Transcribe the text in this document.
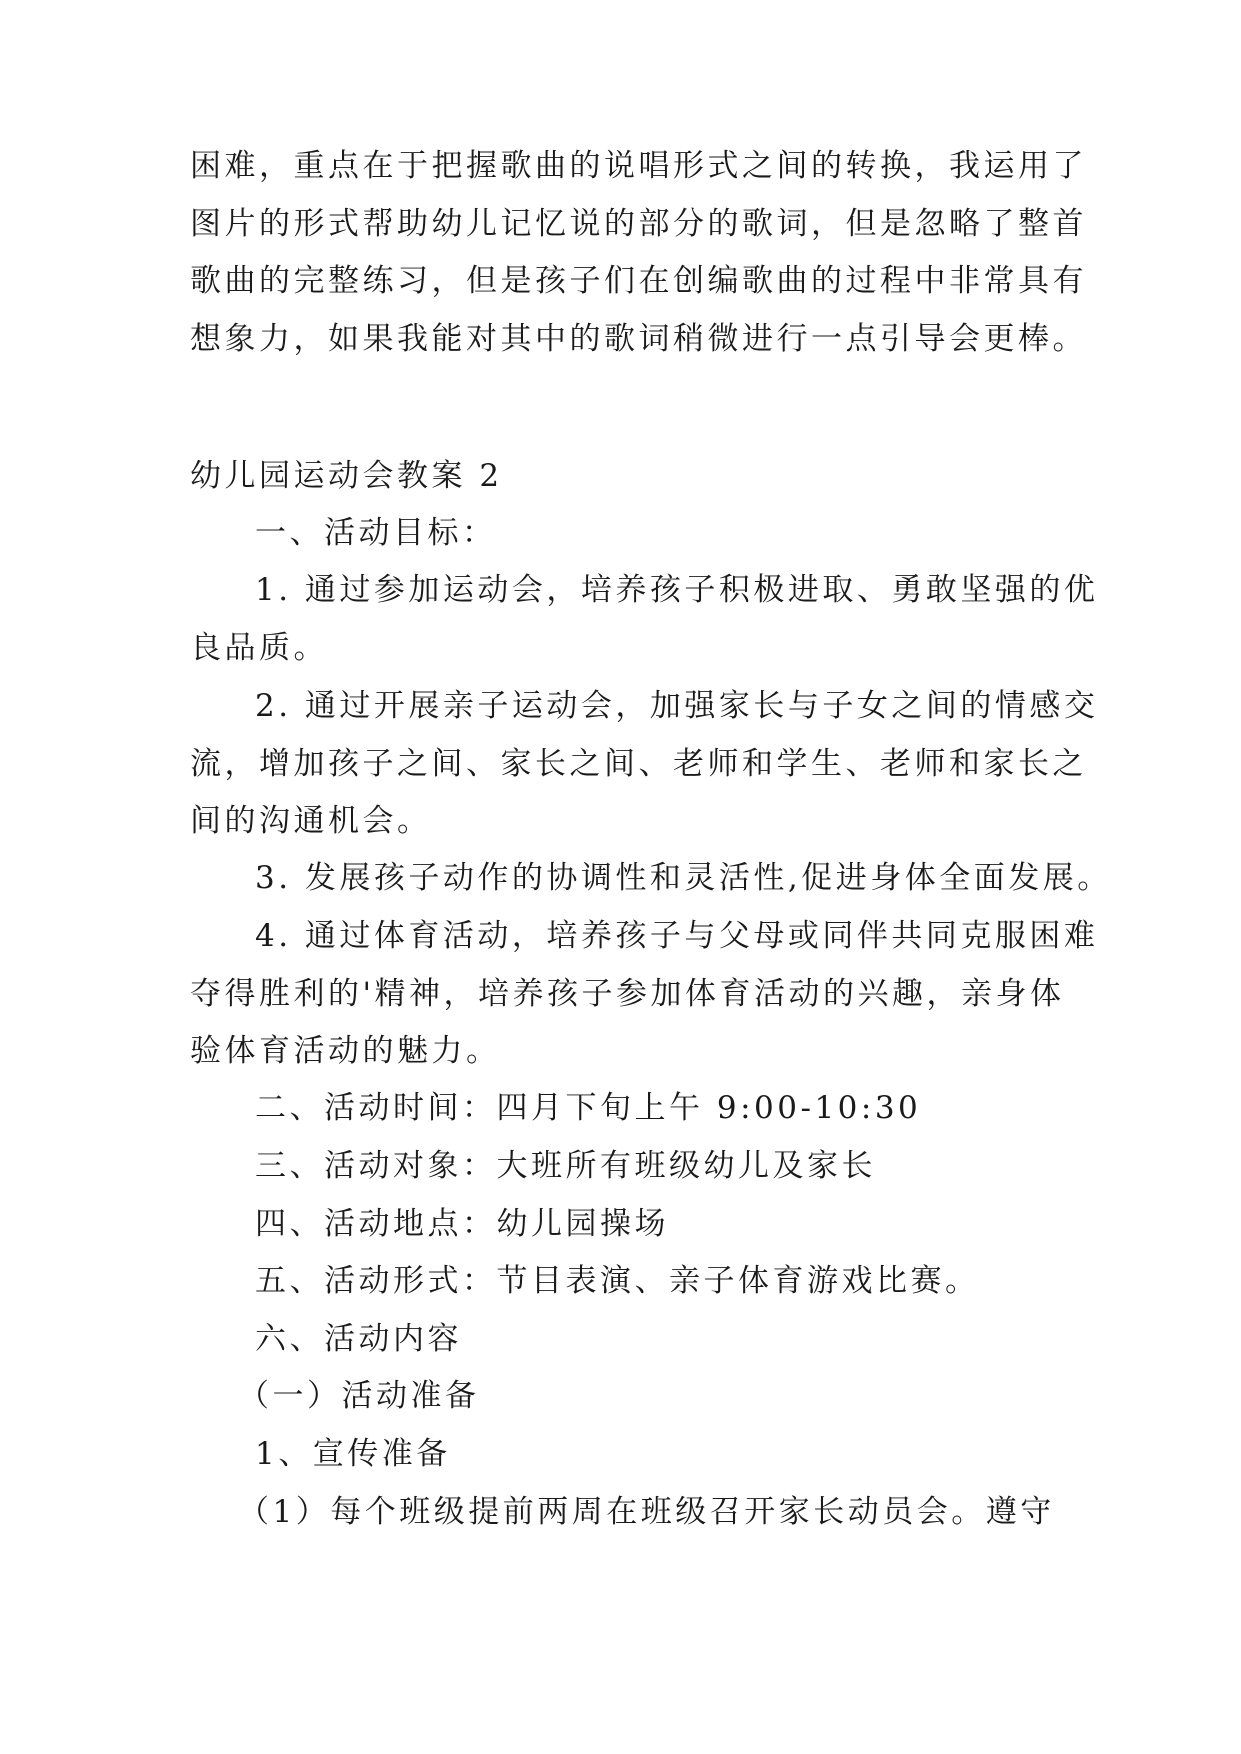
困难，重点在于把握歌曲的说唱形式之间的转换，我运用了
图片的形式帮助幼儿记忆说的部分的歌词，但是忽略了整首
歌曲的完整练习，但是孩子们在创编歌曲的过程中非常具有
想象力，如果我能对其中的歌词稍微进行一点引导会更棒。
幼儿园运动会教案 2
一、活动目标：
1. 通过参加运动会，培养孩子积极进取、勇敢坚强的优
良品质。
2. 通过开展亲子运动会，加强家长与子女之间的情感交
流，增加孩子之间、家长之间、老师和学生、老师和家长之
间的沟通机会。
3. 发展孩子动作的协调性和灵活性,促进身体全面发展。
4. 通过体育活动，培养孩子与父母或同伴共同克服困难
夺得胜利的'精神，培养孩子参加体育活动的兴趣，亲身体
验体育活动的魅力。
二、活动时间：四月下旬上午 9:00-10:30
三、活动对象：大班所有班级幼儿及家长
四、活动地点：幼儿园操场
五、活动形式：节目表演、亲子体育游戏比赛。
六、活动内容
（一）活动准备
1、宣传准备
（1）每个班级提前两周在班级召开家长动员会。遵守
